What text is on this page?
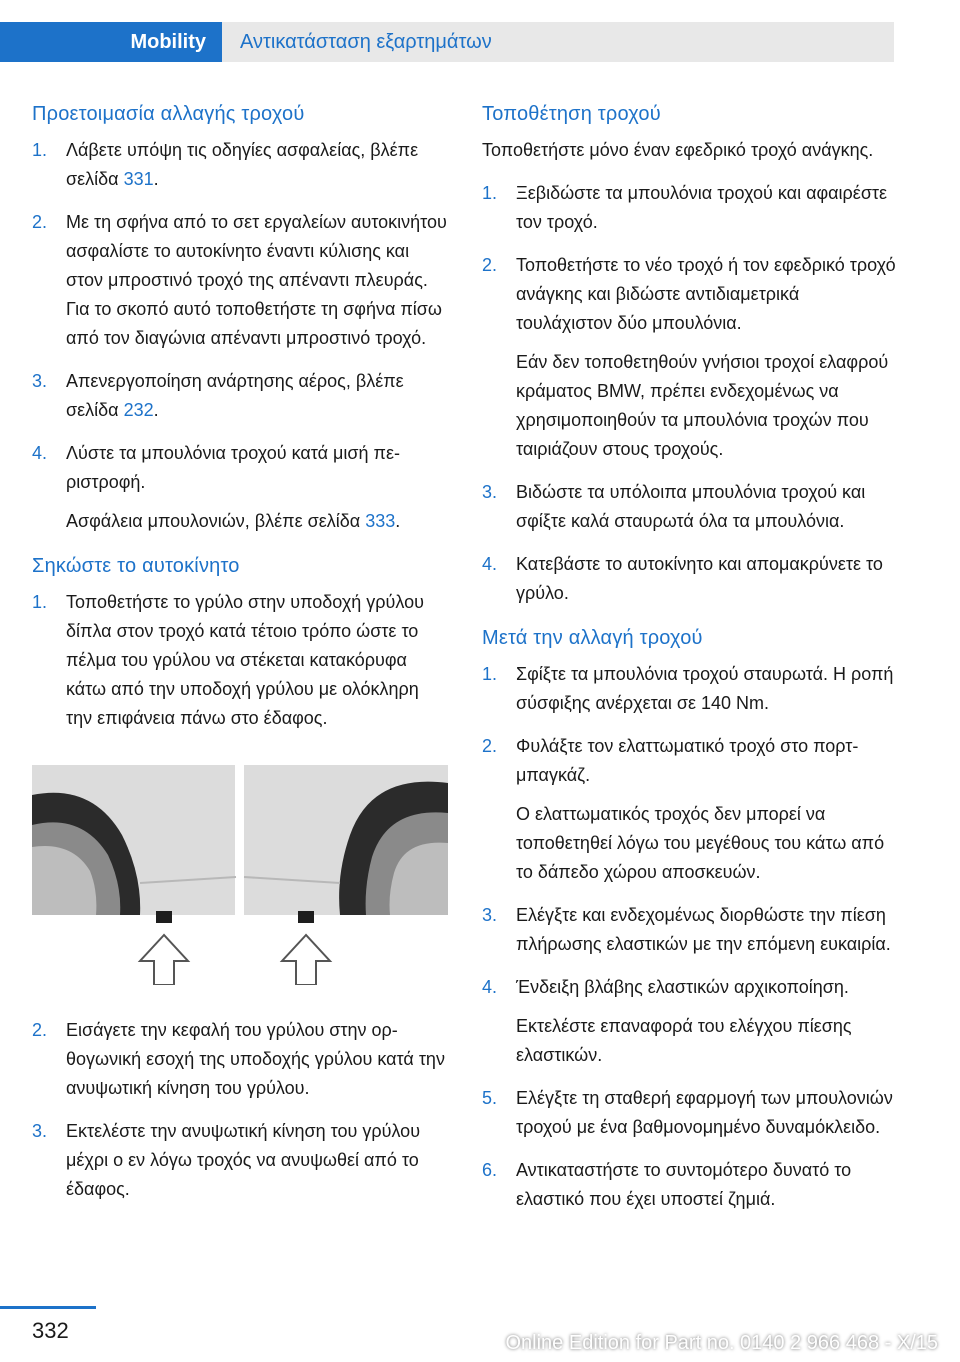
Mobility	Αντικατάσταση εξαρτημάτων
Προετοιμασία αλλαγής τροχού
1. Λάβετε υπόψη τις οδηγίες ασφαλείας, βλέπε σελίδα 331.
2. Με τη σφήνα από το σετ εργαλείων αυτοκινήτου ασφαλίστε το αυτοκίνητο έναντι κύλισης και στον μπροστινό τροχό της απέναντι πλευράς. Για το σκοπό αυτό τοποθετήστε τη σφήνα πίσω από τον διαγώνια απέναντι μπροστινό τροχό.
3. Απενεργοποίηση ανάρτησης αέρος, βλέπε σελίδα 232.
4. Λύστε τα μπουλόνια τροχού κατά μισή περιστροφή.
Ασφάλεια μπουλονιών, βλέπε σελίδα 333.
Σηκώστε το αυτοκίνητο
1. Τοποθετήστε το γρύλο στην υποδοχή γρύλου δίπλα στον τροχό κατά τέτοιο τρόπο ώστε το πέλμα του γρύλου να στέκεται κατακόρυφα κάτω από την υποδοχή γρύλου με ολόκληρη την επιφάνεια πάνω στο έδαφος.
2. Εισάγετε την κεφαλή του γρύλου στην ορθογωνική εσοχή της υποδοχής γρύλου κατά την ανυψωτική κίνηση του γρύλου.
3. Εκτελέστε την ανυψωτική κίνηση του γρύλου μέχρι ο εν λόγω τροχός να ανυψωθεί από το έδαφος.
Τοποθέτηση τροχού

Τοποθετήστε μόνο έναν εφεδρικό τροχό ανάγκης.

1. Ξεβιδώστε τα μπουλόνια τροχού και αφαιρέστε τον τροχό.
2. Τοποθετήστε το νέο τροχό ή τον εφεδρικό τροχό ανάγκης και βιδώστε αντιδιαμετρικά τουλάχιστον δύο μπουλόνια.
Εάν δεν τοποθετηθούν γνήσιοι τροχοί ελαφρού κράματος BMW, πρέπει ενδεχομένως να χρησιμοποιηθούν τα μπουλόνια τροχών που ταιριάζουν στους τροχούς.
3. Βιδώστε τα υπόλοιπα μπουλόνια τροχού και σφίξτε καλά σταυρωτά όλα τα μπουλόνια.
4. Κατεβάστε το αυτοκίνητο και απομακρύνετε το γρύλο.
Μετά την αλλαγή τροχού
1. Σφίξτε τα μπουλόνια τροχού σταυρωτά. Η ροπή σύσφιξης ανέρχεται σε 140 Nm.
2. Φυλάξτε τον ελαττωματικό τροχό στο πορτ-μπαγκάζ.
Ο ελαττωματικός τροχός δεν μπορεί να τοποθετηθεί λόγω του μεγέθους του κάτω από το δάπεδο χώρου αποσκευών.
3. Ελέγξτε και ενδεχομένως διορθώστε την πίεση πλήρωσης ελαστικών με την επόμενη ευκαιρία.
4. Ένδειξη βλάβης ελαστικών αρχικοποίηση.
Εκτελέστε επαναφορά του ελέγχου πίεσης ελαστικών.
5. Ελέγξτε τη σταθερή εφαρμογή των μπουλονιών τροχού με ένα βαθμονομημένο δυναμόκλειδο.
6. Αντικαταστήστε το συντομότερο δυνατό το ελαστικό που έχει υποστεί ζημιά.
332	Online Edition for Part no. 0140 2 966 468 - X/15
